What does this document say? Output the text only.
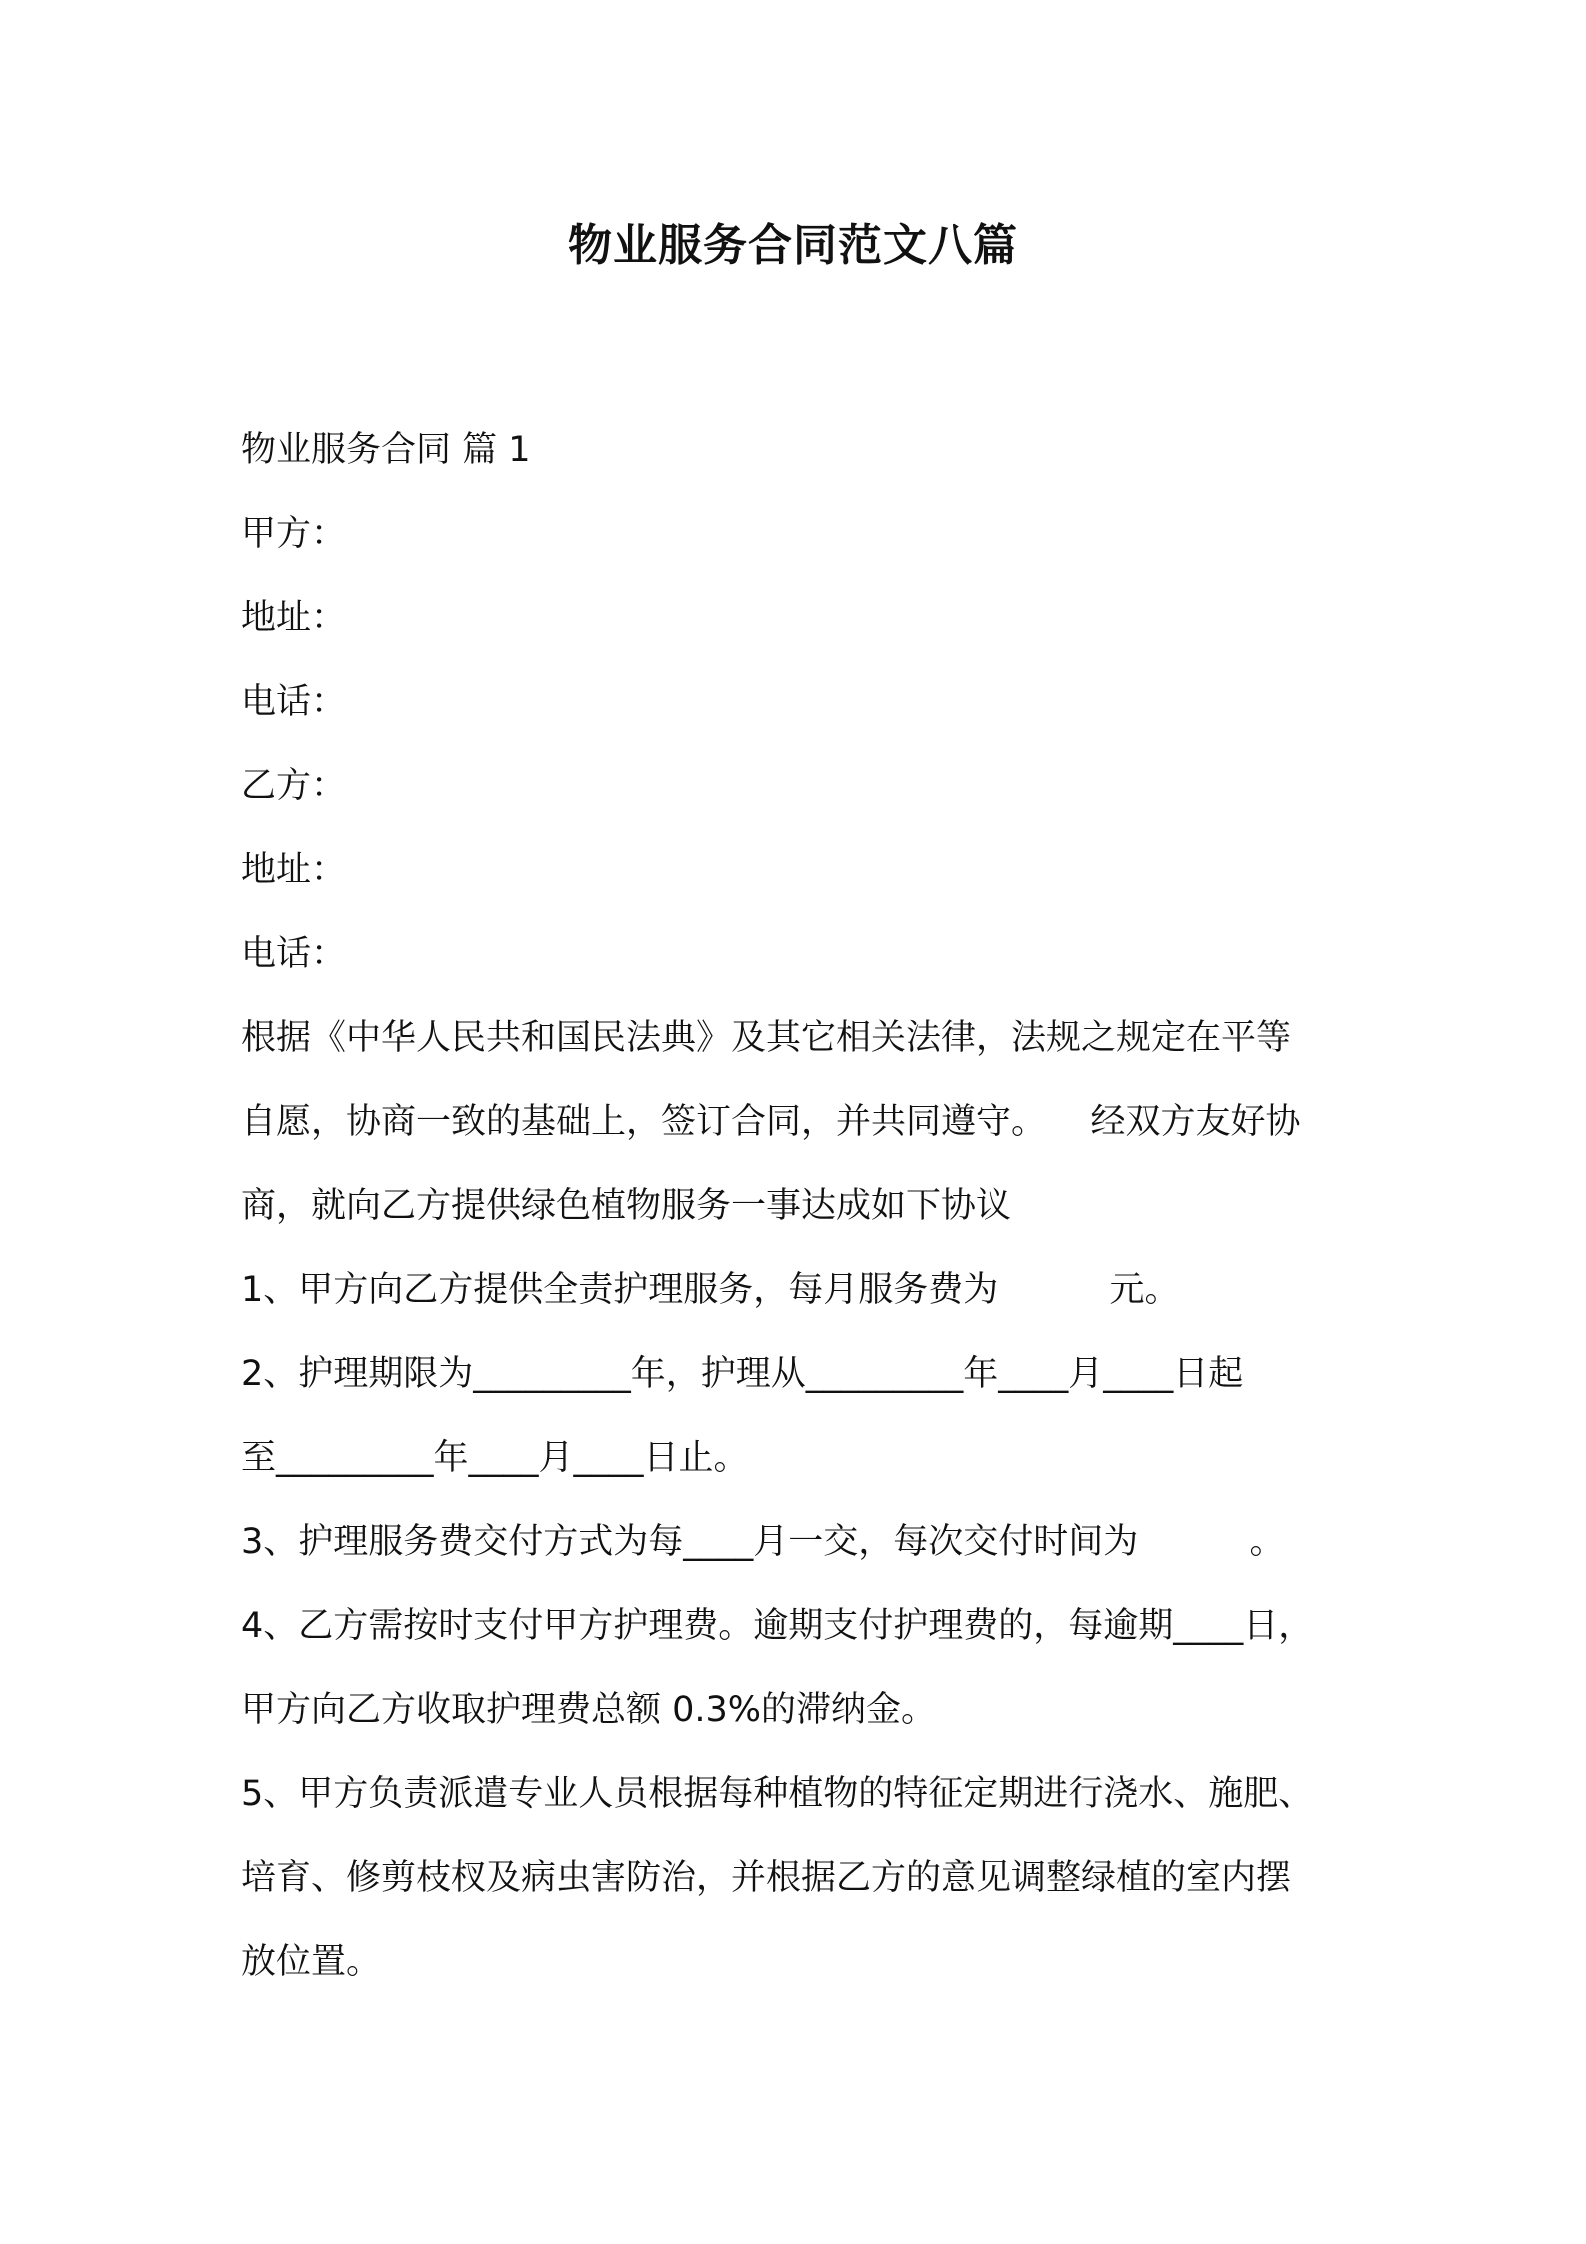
物业服务合同范文八篇
物业服务合同 篇 1
甲方：
地址：
电话：
乙方：
地址：
电话：
根据《中华人民共和国民法典》及其它相关法律，法规之规定在平等
自愿，协商一致的基础上，签订合同，并共同遵守。    经双方友好协
商，就向乙方提供绿色植物服务一事达成如下协议
1、甲方向乙方提供全责护理服务，每月服务费为          元。
2、护理期限为_________年，护理从_________年____月____日起
至_________年____月____日止。
3、护理服务费交付方式为每____月一交，每次交付时间为          。
4、乙方需按时支付甲方护理费。逾期支付护理费的，每逾期____日，
甲方向乙方收取护理费总额 0.3%的滞纳金。
5、甲方负责派遣专业人员根据每种植物的特征定期进行浇水、施肥、
培育、修剪枝杈及病虫害防治，并根据乙方的意见调整绿植的室内摆
放位置。
